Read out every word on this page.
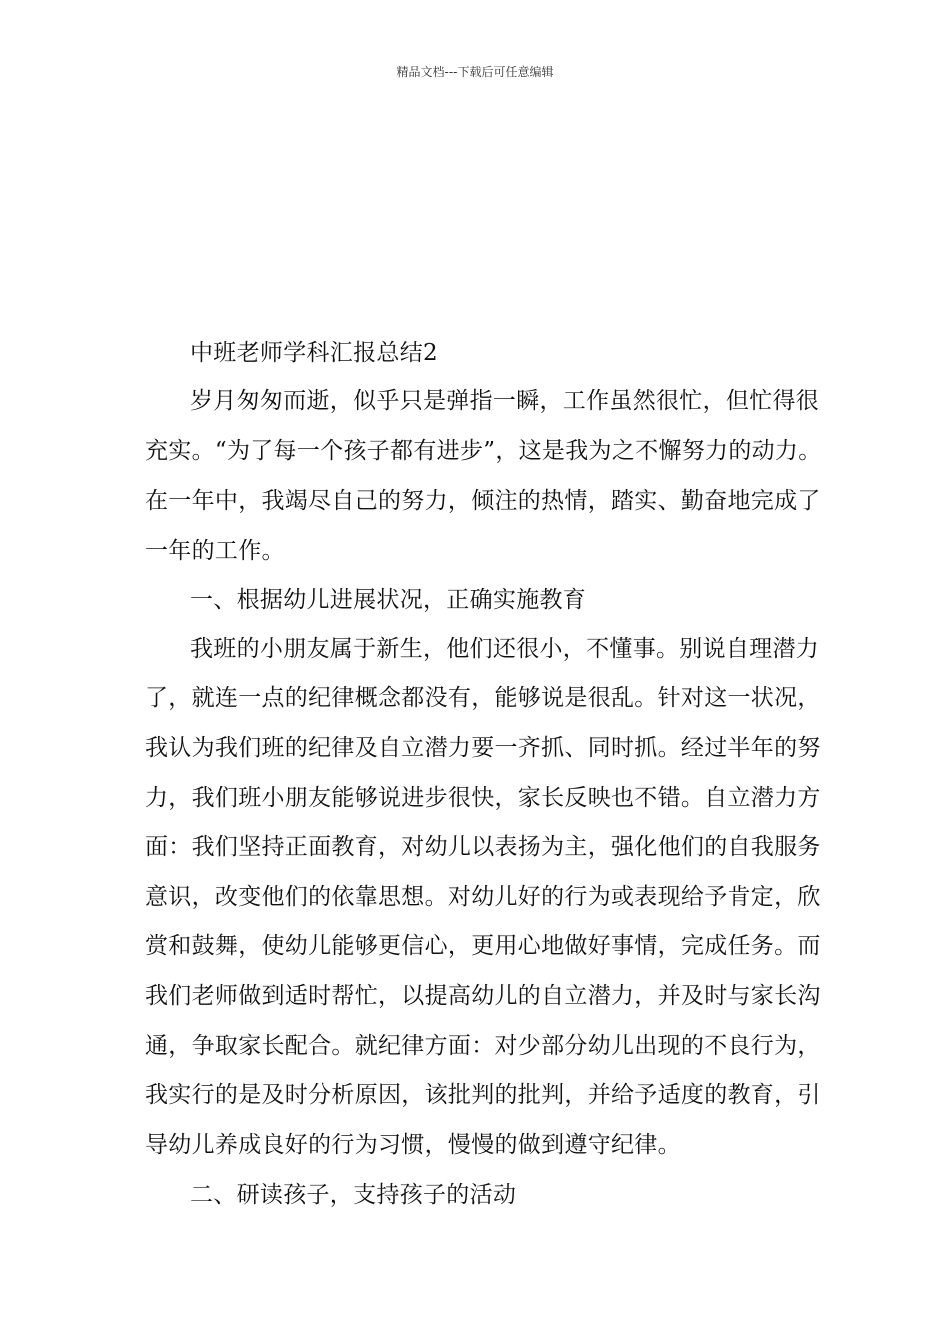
精品文档---下载后可任意编辑
中班老师学科汇报总结2
岁月匆匆而逝，似乎只是弹指一瞬，工作虽然很忙，但忙得很
充实。“为了每一个孩子都有进步”，这是我为之不懈努力的动力。
在一年中，我竭尽自己的努力，倾注的热情，踏实、勤奋地完成了
一年的工作。
一、根据幼儿进展状况，正确实施教育
我班的小朋友属于新生，他们还很小，不懂事。别说自理潜力
了，就连一点的纪律概念都没有，能够说是很乱。针对这一状况，
我认为我们班的纪律及自立潜力要一齐抓、同时抓。经过半年的努
力，我们班小朋友能够说进步很快，家长反映也不错。自立潜力方
面：我们坚持正面教育，对幼儿以表扬为主，强化他们的自我服务
意识，改变他们的依靠思想。对幼儿好的行为或表现给予肯定，欣
赏和鼓舞，使幼儿能够更信心，更用心地做好事情，完成任务。而
我们老师做到适时帮忙，以提高幼儿的自立潜力，并及时与家长沟
通，争取家长配合。就纪律方面：对少部分幼儿出现的不良行为，
我实行的是及时分析原因，该批判的批判，并给予适度的教育，引
导幼儿养成良好的行为习惯，慢慢的做到遵守纪律。
二、研读孩子，支持孩子的活动
